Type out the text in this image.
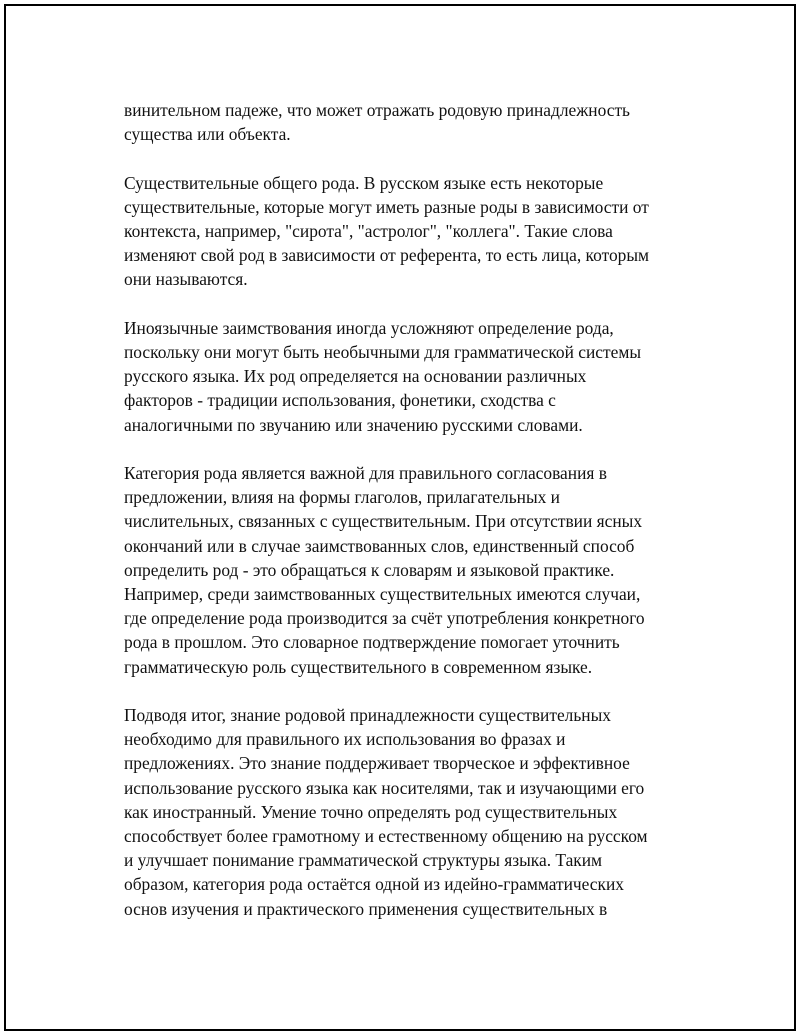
винительном падеже, что может отражать родовую принадлежность
существа или объекта.

Существительные общего рода. В русском языке есть некоторые
существительные, которые могут иметь разные роды в зависимости от
контекста, например, "сирота", "астролог", "коллега". Такие слова
изменяют свой род в зависимости от референта, то есть лица, которым
они называются.

Иноязычные заимствования иногда усложняют определение рода,
поскольку они могут быть необычными для грамматической системы
русского языка. Их род определяется на основании различных
факторов - традиции использования, фонетики, сходства с
аналогичными по звучанию или значению русскими словами.

Категория рода является важной для правильного согласования в
предложении, влияя на формы глаголов, прилагательных и
числительных, связанных с существительным. При отсутствии ясных
окончаний или в случае заимствованных слов, единственный способ
определить род - это обращаться к словарям и языковой практике.
Например, среди заимствованных существительных имеются случаи,
где определение рода производится за счёт употребления конкретного
рода в прошлом. Это словарное подтверждение помогает уточнить
грамматическую роль существительного в современном языке.

Подводя итог, знание родовой принадлежности существительных
необходимо для правильного их использования во фразах и
предложениях. Это знание поддерживает творческое и эффективное
использование русского языка как носителями, так и изучающими его
как иностранный. Умение точно определять род существительных
способствует более грамотному и естественному общению на русском
и улучшает понимание грамматической структуры языка. Таким
образом, категория рода остаётся одной из идейно-грамматических
основ изучения и практического применения существительных в
